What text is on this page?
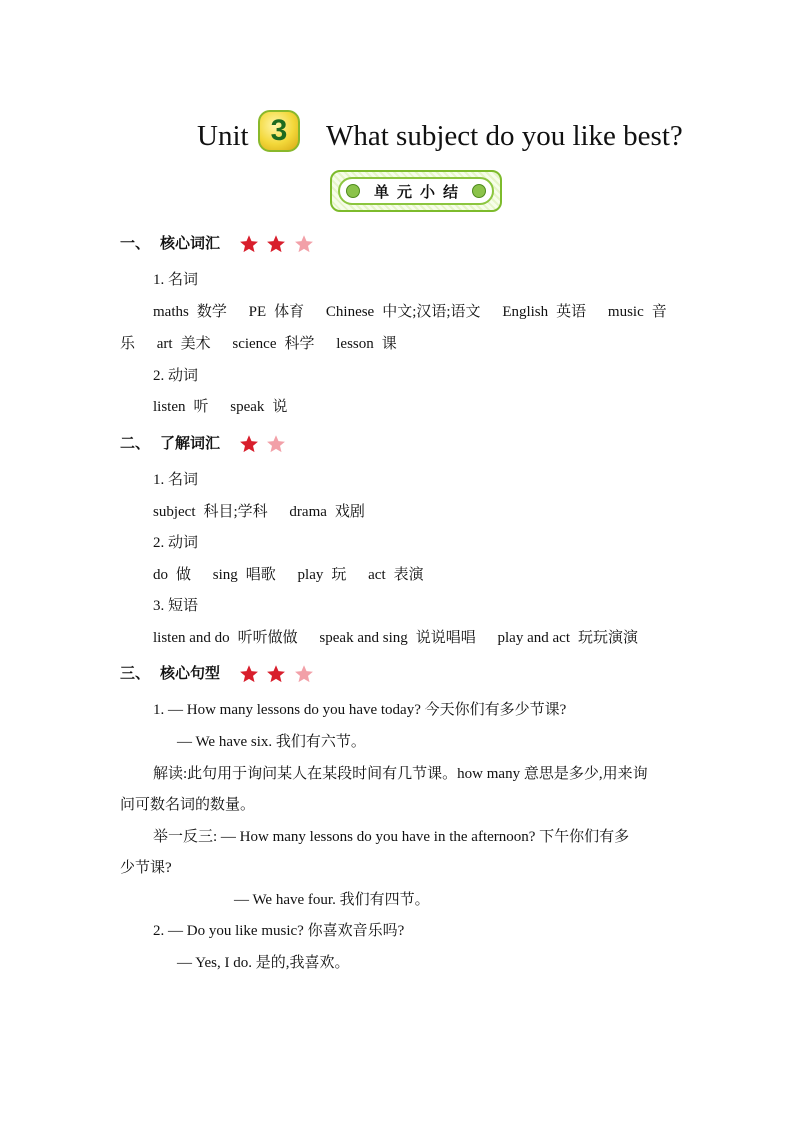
Unit 3 What subject do you like best?
单元小结
一、 核心词汇
1. 名词
maths 数学 PE 体育 Chinese 中文;汉语;语文 English 英语 music 音
乐 art 美术 science 科学 lesson 课
2. 动词
listen 听 speak 说
二、 了解词汇
1. 名词
subject 科目;学科 drama 戏剧
2. 动词
do 做 sing 唱歌 play 玩 act 表演
3. 短语
listen and do 听听做做 speak and sing 说说唱唱 play and act 玩玩演演
三、 核心句型
1. — How many lessons do you have today? 今天你们有多少节课?
— We have six. 我们有六节。
解读:此句用于询问某人在某段时间有几节课。how many 意思是多少,用来询
问可数名词的数量。
举一反三: — How many lessons do you have in the afternoon? 下午你们有多
少节课?
— We have four. 我们有四节。
2. — Do you like music? 你喜欢音乐吗?
— Yes, I do. 是的,我喜欢。
